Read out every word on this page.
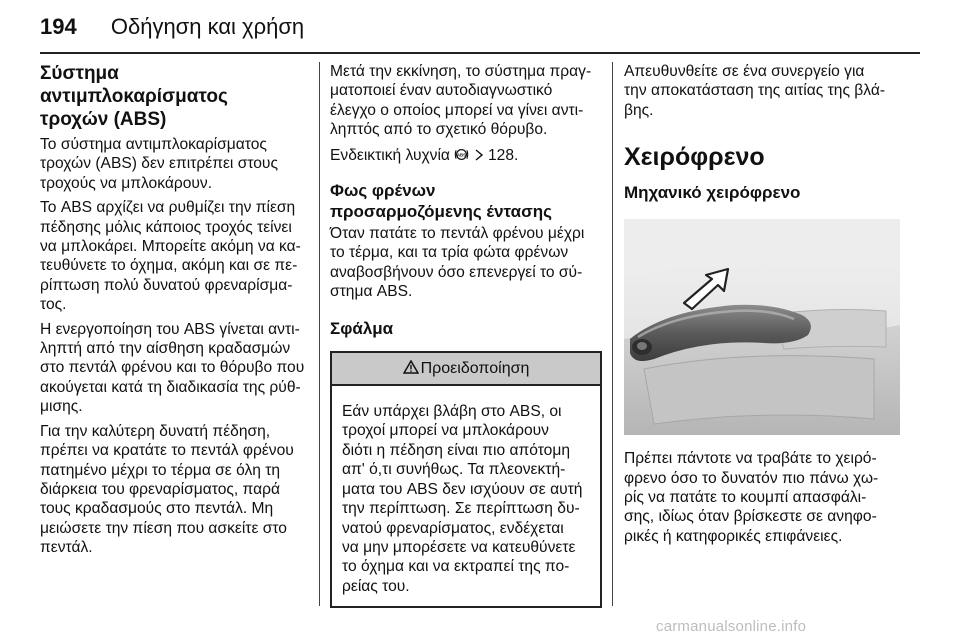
194 Οδήγηση και χρήση
Σύστημα
αντιμπλοκαρίσματος
τροχών (ABS)

Το σύστημα αντιμπλοκαρίσματος
τροχών (ABS) δεν επιτρέπει στους
τροχούς να μπλοκάρουν.

Το ABS αρχίζει να ρυθμίζει την πίεση
πέδησης μόλις κάποιος τροχός τείνει
να μπλοκάρει. Μπορείτε ακόμη να κα-
τευθύνετε το όχημα, ακόμη και σε πε-
ρίπτωση πολύ δυνατού φρεναρίσμα-
τος.

Η ενεργοποίηση του ABS γίνεται αντι-
ληπτή από την αίσθηση κραδασμών
στο πεντάλ φρένου και το θόρυβο που
ακούγεται κατά τη διαδικασία της ρύθ-
μισης.

Για την καλύτερη δυνατή πέδηση,
πρέπει να κρατάτε το πεντάλ φρένου
πατημένο μέχρι το τέρμα σε όλη τη
διάρκεια του φρεναρίσματος, παρά
τους κραδασμούς στο πεντάλ. Μη
μειώσετε την πίεση που ασκείτε στο
πεντάλ.

Μετά την εκκίνηση, το σύστημα πραγ-
ματοποιεί έναν αυτοδιαγνωστικό
έλεγχο ο οποίος μπορεί να γίνει αντι-
ληπτός από το σχετικό θόρυβο.

Ενδεικτική λυχνία ABS 128.

Φως φρένων
προσαρμοζόμενης έντασης

Όταν πατάτε το πεντάλ φρένου μέχρι
το τέρμα, και τα τρία φώτα φρένων
αναβοσβήνουν όσο επενεργεί το σύ-
στημα ABS.

Σφάλμα
Προειδοποίηση
Εάν υπάρχει βλάβη στο ABS, οι
τροχοί μπορεί να μπλοκάρουν
διότι η πέδηση είναι πιο απότομη
απ' ό,τι συνήθως. Τα πλεονεκτή-
ματα του ABS δεν ισχύουν σε αυτή
την περίπτωση. Σε περίπτωση δυ-
νατού φρεναρίσματος, ενδέχεται
να μην μπορέσετε να κατευθύνετε
το όχημα και να εκτραπεί της πο-
ρείας του.

Απευθυνθείτε σε ένα συνεργείο για
την αποκατάσταση της αιτίας της βλά-
βης.

Χειρόφρενο
Μηχανικό χειρόφρενο

Πρέπει πάντοτε να τραβάτε το χειρό-
φρενο όσο το δυνατόν πιο πάνω χω-
ρίς να πατάτε το κουμπί απασφάλι-
σης, ιδίως όταν βρίσκεστε σε ανηφο-
ρικές ή κατηφορικές επιφάνειες.

carmanualsonline.info
